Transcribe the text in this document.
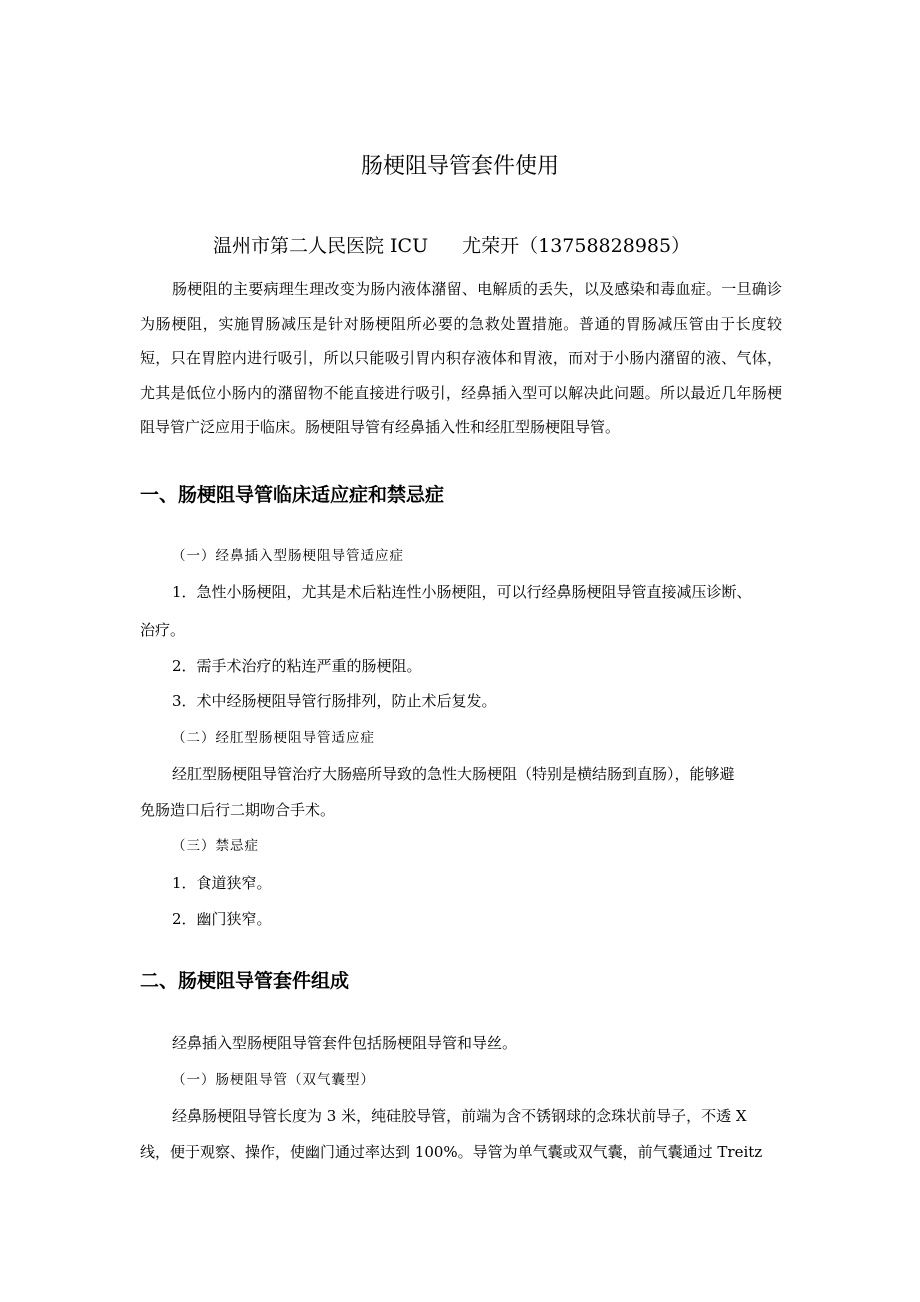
肠梗阻导管套件使用
温州市第二人民医院 ICU 尤荣开（13758828985）

肠梗阻的主要病理生理改变为肠内液体潴留、电解质的丢失，以及感染和毒血症。一旦确诊为肠梗阻，实施胃肠减压是针对肠梗阻所必要的急救处置措施。普通的胃肠减压管由于长度较短，只在胃腔内进行吸引，所以只能吸引胃内积存液体和胃液，而对于小肠内潴留的液、气体，尤其是低位小肠内的潴留物不能直接进行吸引，经鼻插入型可以解决此问题。所以最近几年肠梗阻导管广泛应用于临床。肠梗阻导管有经鼻插入性和经肛型肠梗阻导管。

一、肠梗阻导管临床适应症和禁忌症
（一）经鼻插入型肠梗阻导管适应症
1．急性小肠梗阻，尤其是术后粘连性小肠梗阻，可以行经鼻肠梗阻导管直接减压诊断、
治疗。
2．需手术治疗的粘连严重的肠梗阻。
3．术中经肠梗阻导管行肠排列，防止术后复发。
（二）经肛型肠梗阻导管适应症
经肛型肠梗阻导管治疗大肠癌所导致的急性大肠梗阻（特别是横结肠到直肠），能够避
免肠造口后行二期吻合手术。
（三）禁忌症
1．食道狭窄。
2．幽门狭窄。
二、肠梗阻导管套件组成
经鼻插入型肠梗阻导管套件包括肠梗阻导管和导丝。
（一）肠梗阻导管（双气囊型）
经鼻肠梗阻导管长度为 3 米，纯硅胶导管，前端为含不锈钢球的念珠状前导子，不透 X
线，便于观察、操作，使幽门通过率达到 100%。导管为单气囊或双气囊，前气囊通过 Treitz
